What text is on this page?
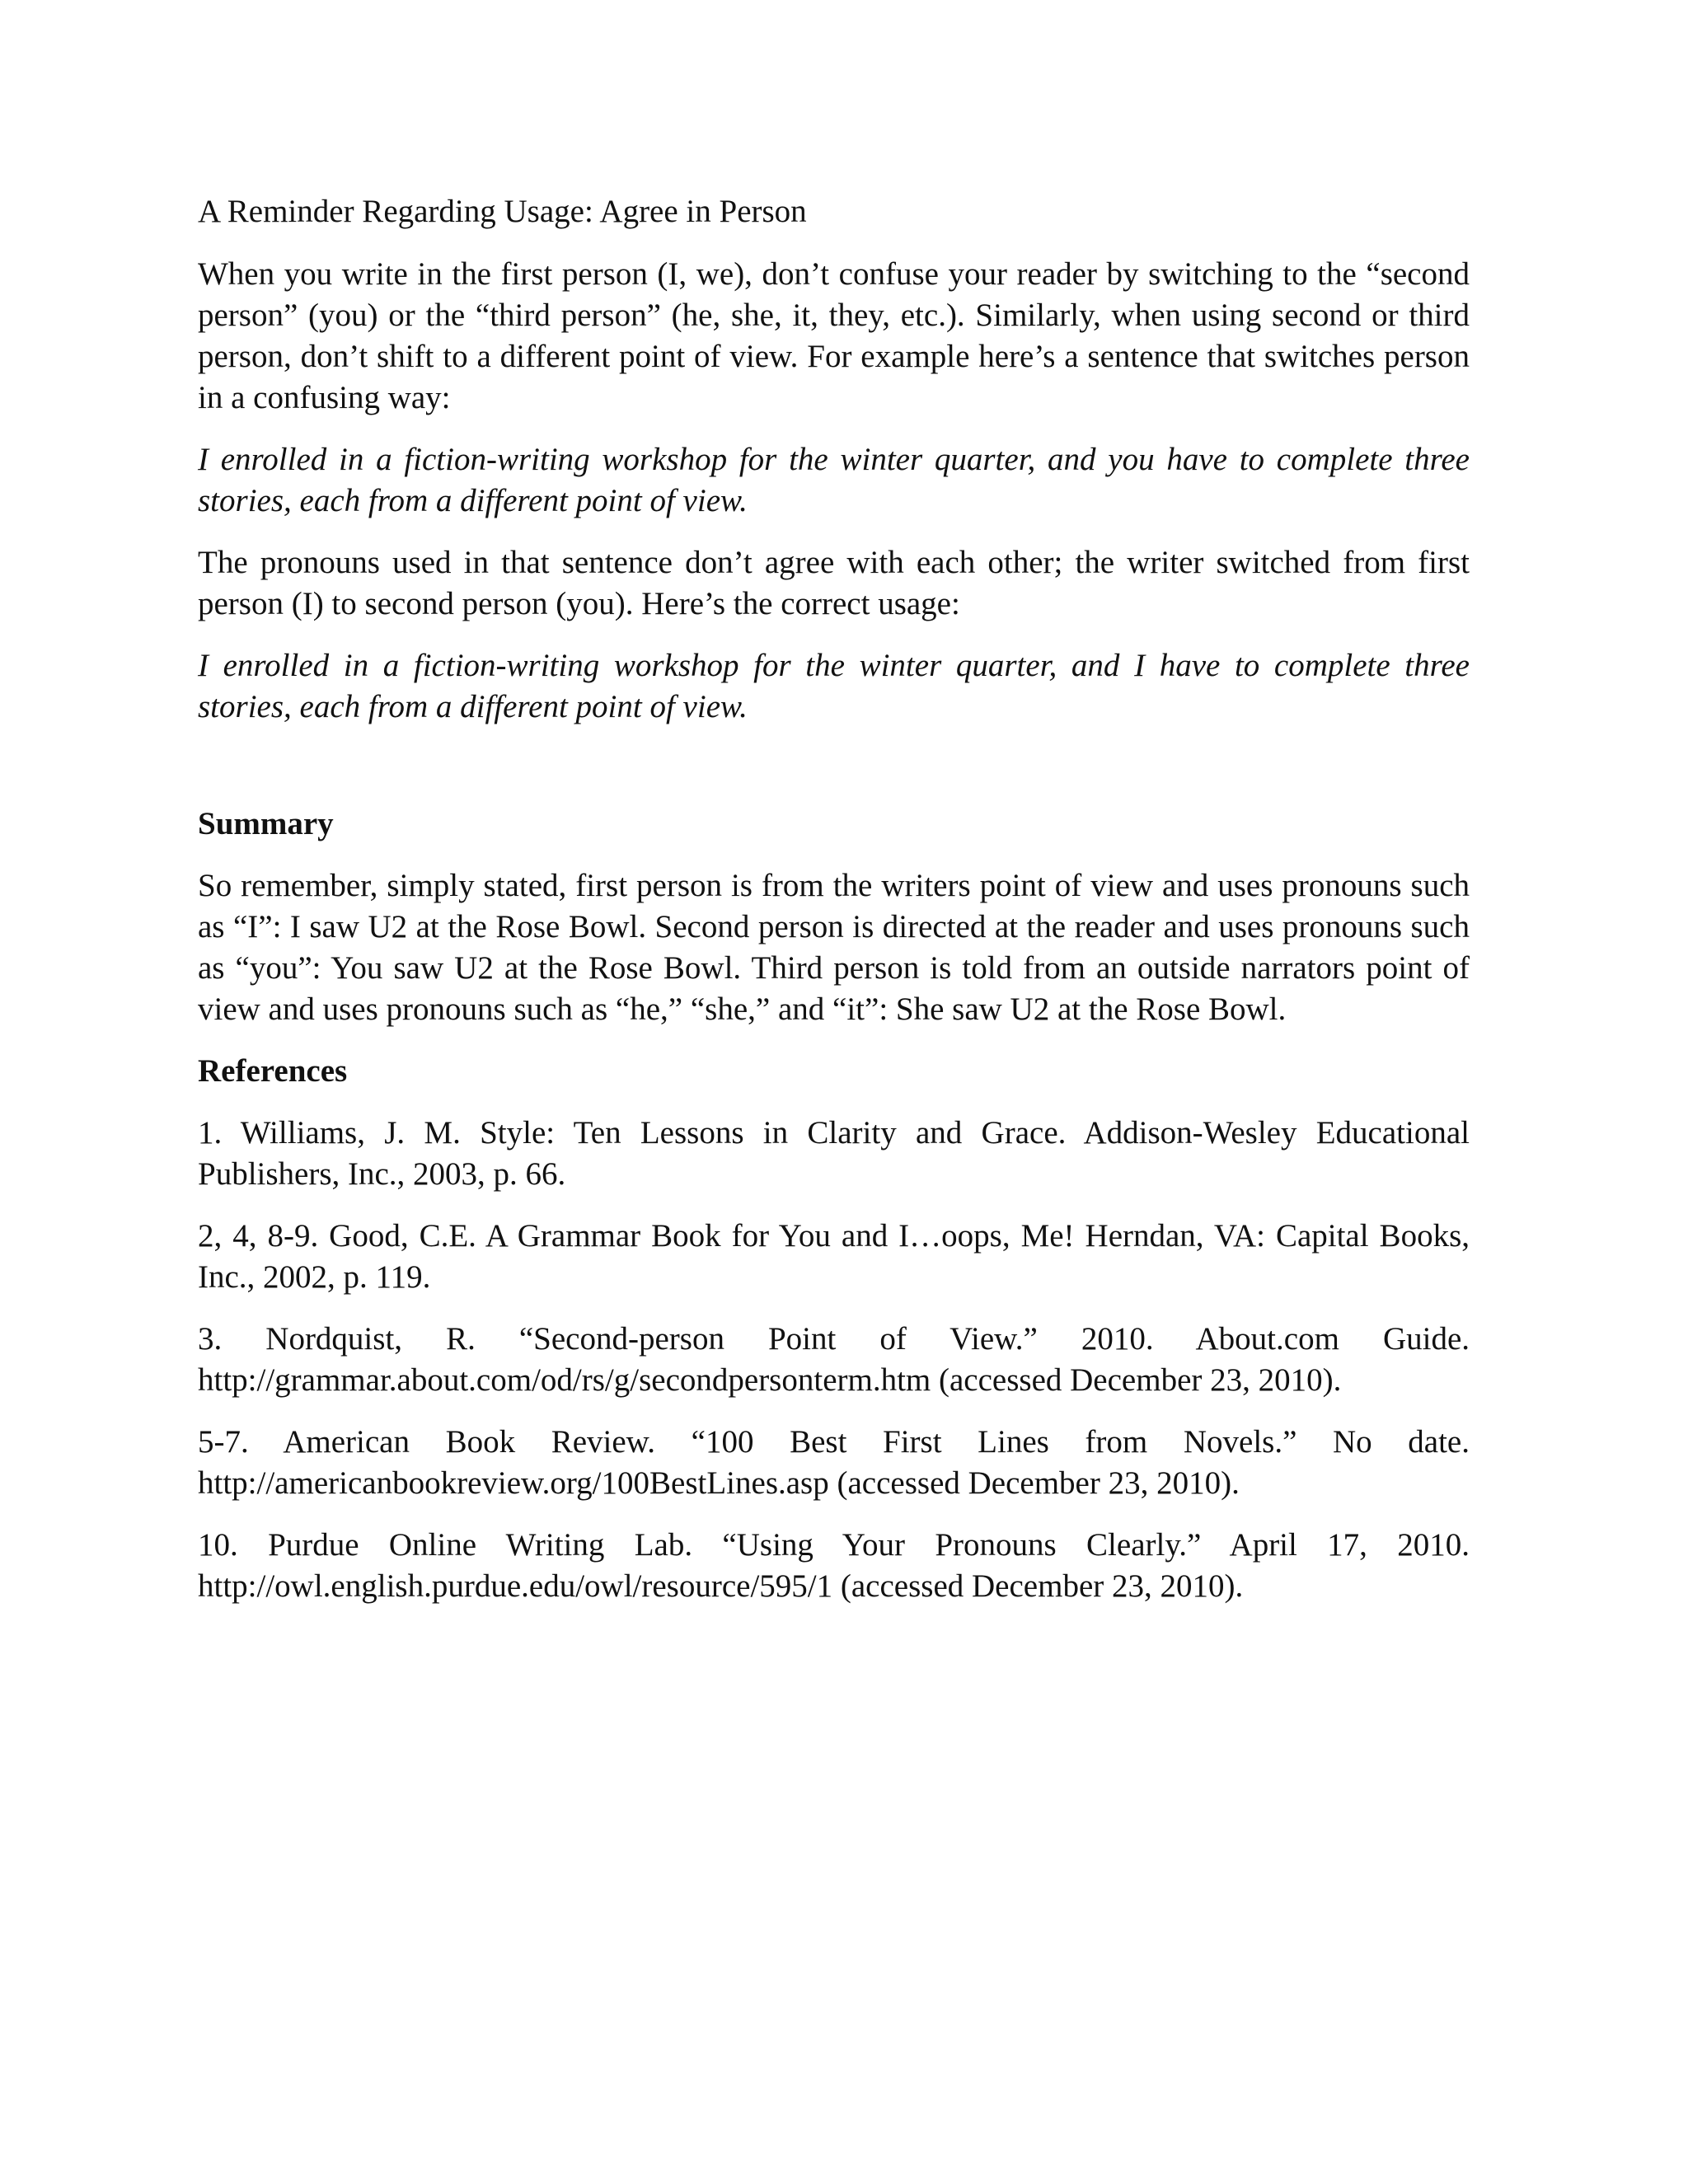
A Reminder Regarding Usage: Agree in Person

When you write in the first person (I, we), don’t confuse your reader by switching to the “second person” (you) or the “third person” (he, she, it, they, etc.). Similarly, when using second or third person, don’t shift to a different point of view. For example here’s a sentence that switches person in a confusing way:

I enrolled in a fiction-writing workshop for the winter quarter, and you have to complete three stories, each from a different point of view.

The pronouns used in that sentence don’t agree with each other; the writer switched from first person (I) to second person (you). Here’s the correct usage:

I enrolled in a fiction-writing workshop for the winter quarter, and I have to complete three stories, each from a different point of view.

Summary

So remember, simply stated, first person is from the writers point of view and uses pronouns such as “I”: I saw U2 at the Rose Bowl. Second person is directed at the reader and uses pronouns such as “you”: You saw U2 at the Rose Bowl. Third person is told from an outside narrators point of view and uses pronouns such as “he,” “she,” and “it”: She saw U2 at the Rose Bowl.

References

1. Williams, J. M. Style: Ten Lessons in Clarity and Grace. Addison-Wesley Educational Publishers, Inc., 2003, p. 66.

2, 4, 8-9. Good, C.E. A Grammar Book for You and I…oops, Me! Herndan, VA: Capital Books, Inc., 2002, p. 119.

3. Nordquist, R. “Second-person Point of View.” 2010. About.com Guide. http://grammar.about.com/od/rs/g/secondpersonterm.htm (accessed December 23, 2010).

5-7. American Book Review. “100 Best First Lines from Novels.” No date. http://americanbookreview.org/100BestLines.asp (accessed December 23, 2010).

10. Purdue Online Writing Lab. “Using Your Pronouns Clearly.” April 17, 2010. http://owl.english.purdue.edu/owl/resource/595/1 (accessed December 23, 2010).
